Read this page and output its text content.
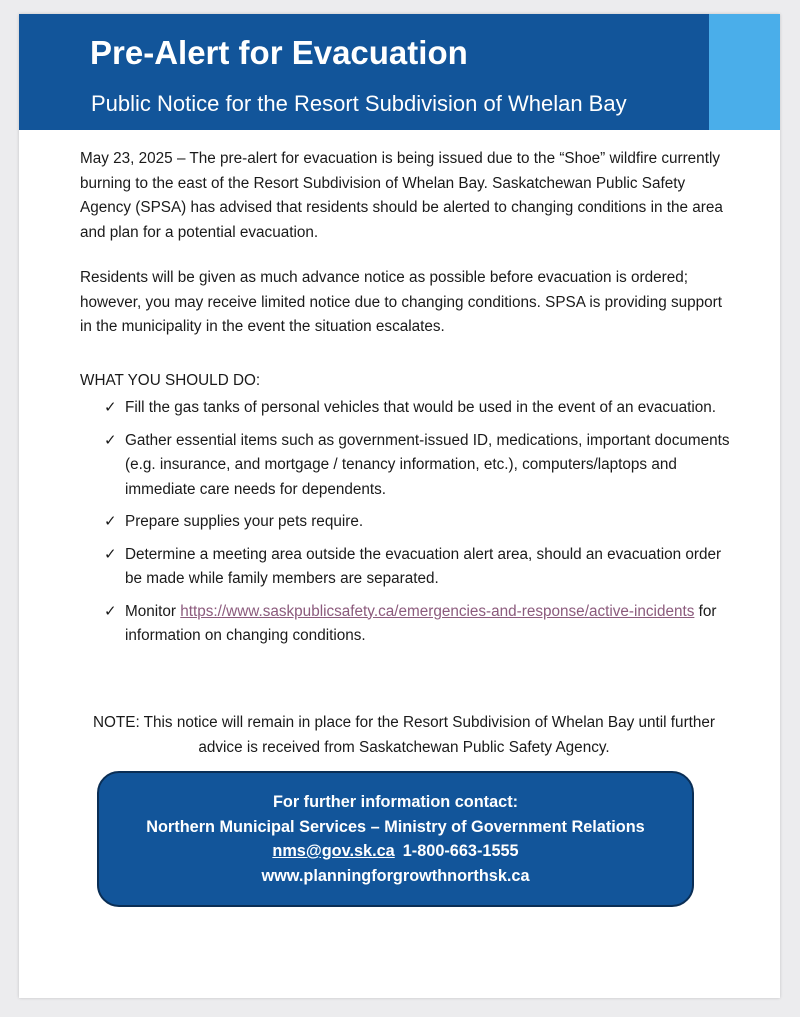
Pre-Alert for Evacuation
Public Notice for the Resort Subdivision of Whelan Bay

May 23, 2025 – The pre-alert for evacuation is being issued due to the “Shoe” wildfire currently burning to the east of the Resort Subdivision of Whelan Bay. Saskatchewan Public Safety Agency (SPSA) has advised that residents should be alerted to changing conditions in the area and plan for a potential evacuation.

Residents will be given as much advance notice as possible before evacuation is ordered; however, you may receive limited notice due to changing conditions. SPSA is providing support in the municipality in the event the situation escalates.

WHAT YOU SHOULD DO:

✓ Fill the gas tanks of personal vehicles that would be used in the event of an evacuation.
✓ Gather essential items such as government-issued ID, medications, important documents (e.g. insurance, and mortgage / tenancy information, etc.), computers/laptops and immediate care needs for dependents.
✓ Prepare supplies your pets require.
✓ Determine a meeting area outside the evacuation alert area, should an evacuation order be made while family members are separated.
✓ Monitor https://www.saskpublicsafety.ca/emergencies-and-response/active-incidents for information on changing conditions.

NOTE: This notice will remain in place for the Resort Subdivision of Whelan Bay until further advice is received from Saskatchewan Public Safety Agency.

For further information contact:
Northern Municipal Services – Ministry of Government Relations
nms@gov.sk.ca 1-800-663-1555
www.planningforgrowthnorthsk.ca
